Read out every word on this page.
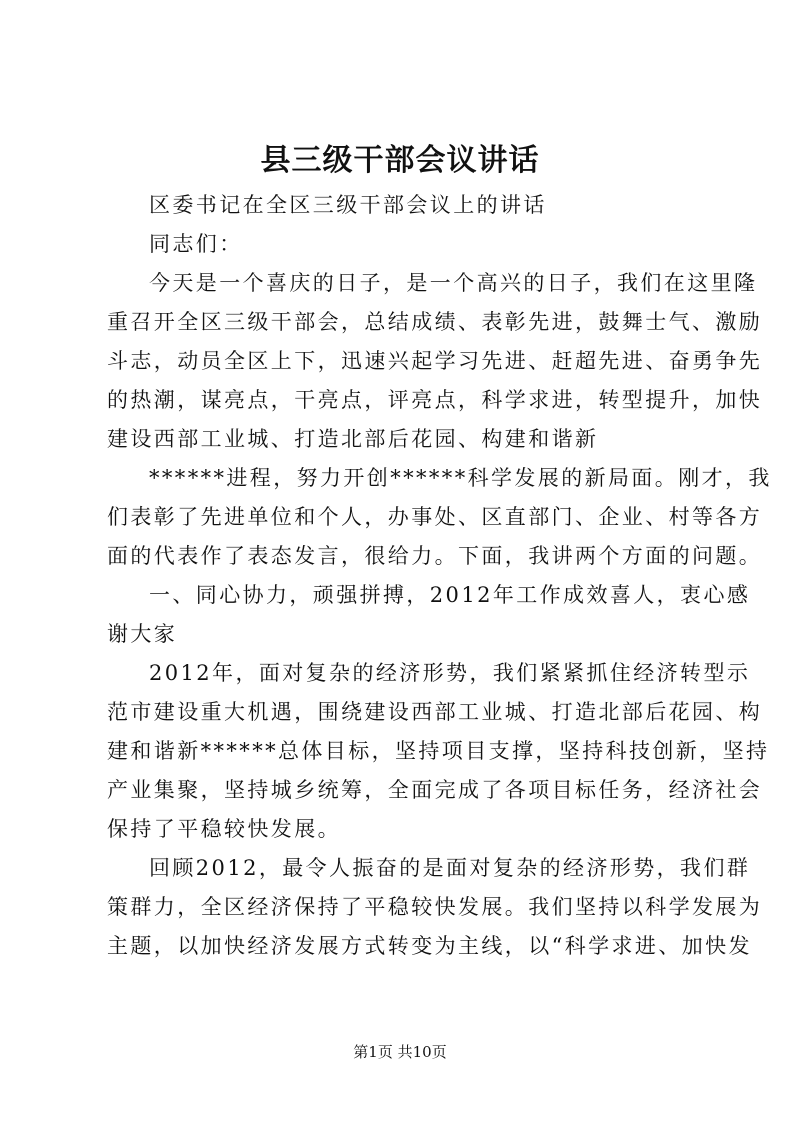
县三级干部会议讲话
区委书记在全区三级干部会议上的讲话
同志们：
今天是一个喜庆的日子，是一个高兴的日子，我们在这里隆
重召开全区三级干部会，总结成绩、表彰先进，鼓舞士气、激励
斗志，动员全区上下，迅速兴起学习先进、赶超先进、奋勇争先
的热潮，谋亮点，干亮点，评亮点，科学求进，转型提升，加快
建设西部工业城、打造北部后花园、构建和谐新
******进程，努力开创******科学发展的新局面。刚才，我
们表彰了先进单位和个人，办事处、区直部门、企业、村等各方
面的代表作了表态发言，很给力。下面，我讲两个方面的问题。
一、同心协力，顽强拼搏，2012年工作成效喜人，衷心感
谢大家
2012年，面对复杂的经济形势，我们紧紧抓住经济转型示
范市建设重大机遇，围绕建设西部工业城、打造北部后花园、构
建和谐新******总体目标，坚持项目支撑，坚持科技创新，坚持
产业集聚，坚持城乡统筹，全面完成了各项目标任务，经济社会
保持了平稳较快发展。
回顾2012，最令人振奋的是面对复杂的经济形势，我们群
策群力，全区经济保持了平稳较快发展。我们坚持以科学发展为
主题，以加快经济发展方式转变为主线，以“科学求进、加快发
第1页 共10页
